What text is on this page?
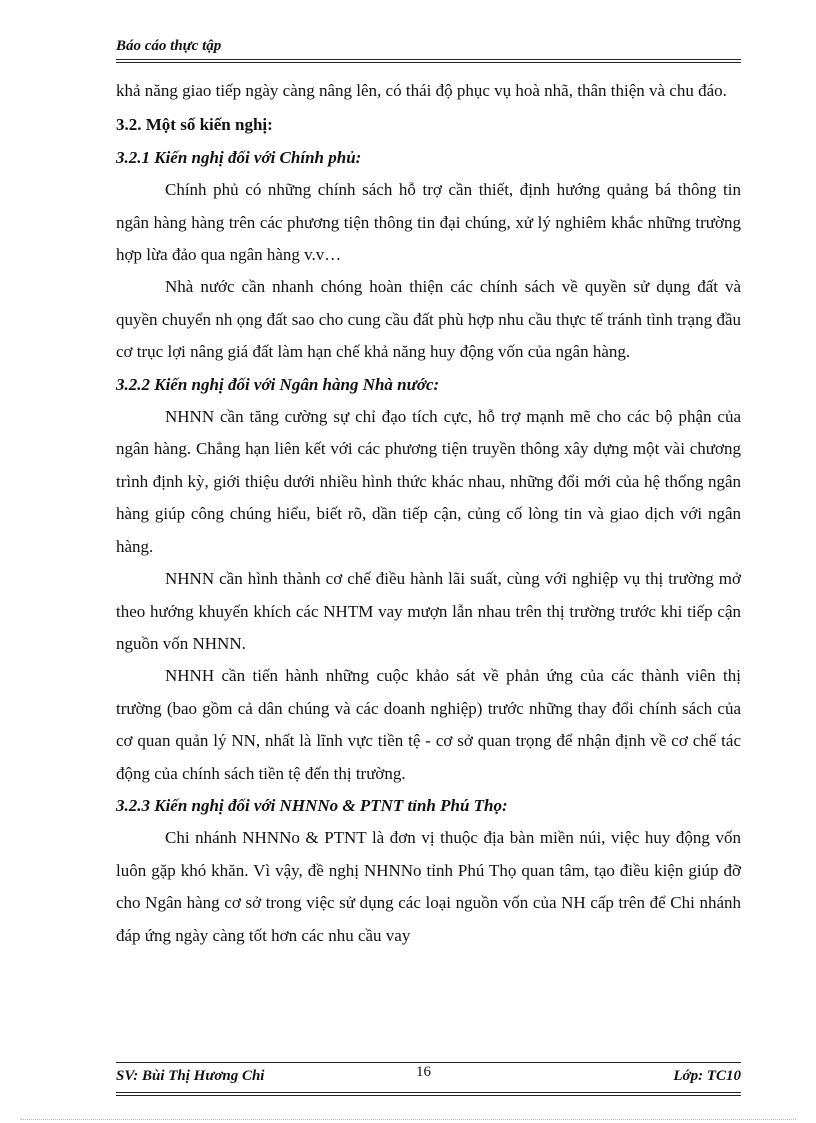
Báo cáo thực tập

khả năng giao tiếp ngày càng nâng lên, có thái độ phục vụ hoà nhã, thân thiện và chu đáo.

3.2. Một số kiến nghị:

3.2.1 Kiến nghị đối với Chính phủ:

Chính phủ có những chính sách hỗ trợ cần thiết, định hướng quảng bá thông tin ngân hàng hàng trên các phương tiện thông tin đại chúng, xử lý nghiêm khắc những trường hợp lừa đảo qua ngân hàng v.v…

Nhà nước cần nhanh chóng hoàn thiện các chính sách về quyền sử dụng đất và quyền chuyển nh ọng đất sao cho cung cầu đất phù hợp nhu cầu thực tế tránh tình trạng đầu cơ trục lợi nâng giá đất làm hạn chế khả năng huy động vốn của ngân hàng.

3.2.2 Kiến nghị đối với Ngân hàng Nhà nước:

NHNN cần tăng cường sự chỉ đạo tích cực, hỗ trợ mạnh mẽ cho các bộ phận của ngân hàng. Chẳng hạn liên kết với các phương tiện truyền thông xây dựng một vài chương trình định kỳ, giới thiệu dưới nhiều hình thức khác nhau, những đổi mới của hệ thống ngân hàng giúp công chúng hiểu, biết rõ, dần tiếp cận, củng cố lòng tin và giao dịch với ngân hàng.

NHNN cần hình thành cơ chế điều hành lãi suất, cùng với nghiệp vụ thị trường mở theo hướng khuyến khích các NHTM vay mượn lẫn nhau trên thị trường trước khi tiếp cận nguồn vốn NHNN.

NHNH cần tiến hành những cuộc khảo sát về phản ứng của các thành viên thị trường (bao gồm cả dân chúng và các doanh nghiệp) trước những thay đổi chính sách của cơ quan quản lý NN, nhất là lĩnh vực tiền tệ - cơ sở quan trọng để nhận định về cơ chế tác động của chính sách tiền tệ đến thị trường.

3.2.3 Kiến nghị đối với NHNNo & PTNT tỉnh Phú Thọ:

Chi nhánh NHNNo & PTNT là đơn vị thuộc địa bàn miền núi, việc huy động vốn luôn gặp khó khăn. Vì vậy, đề nghị NHNNo tỉnh Phú Thọ quan tâm, tạo điều kiện giúp đỡ cho Ngân hàng cơ sở trong việc sử dụng các loại nguồn vốn của NH cấp trên để Chi nhánh đáp ứng ngày càng tốt hơn các nhu cầu vay

SV: Bùi Thị Hương Chi	16	Lớp: TC10
